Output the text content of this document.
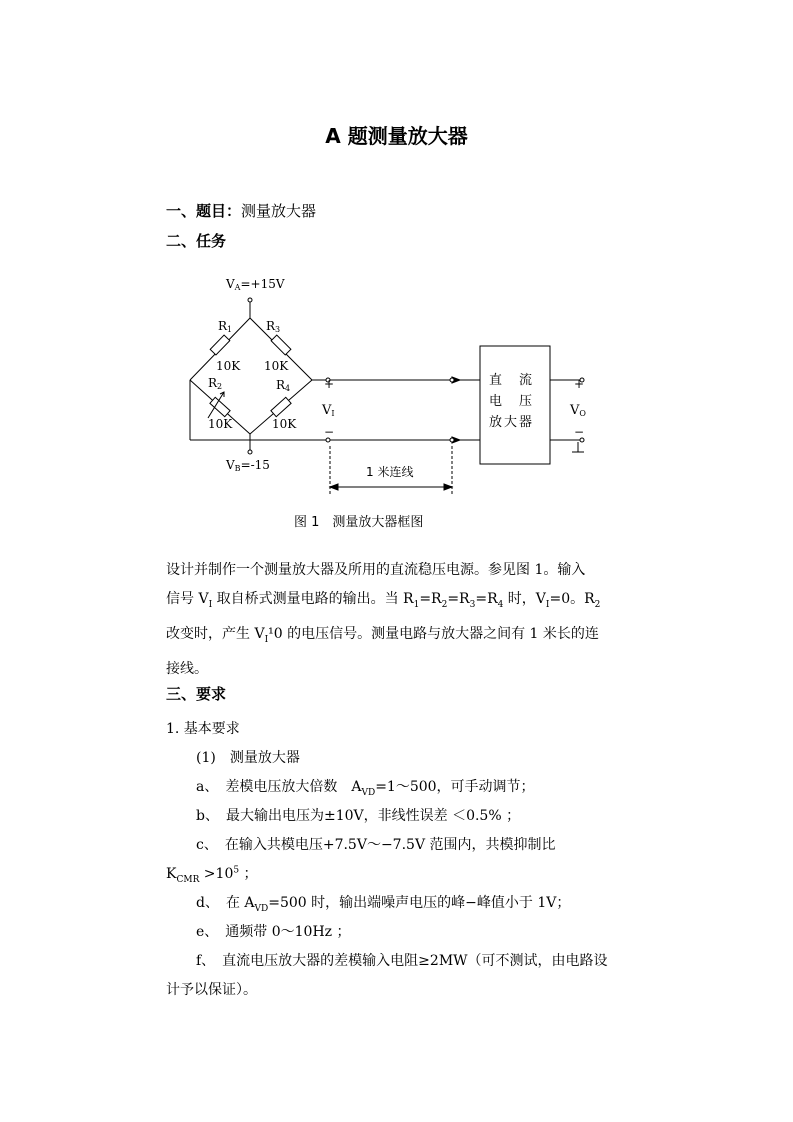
A 题测量放大器
一、题目：测量放大器
二、任务
VA=+15V
R1	R3
10K 10K
R2	R4
10K	10K
VB=-15
+
VI
−
直　流
电　压
放大器
+
VO
−
1 米连线
图 1　测量放大器框图
设计并制作一个测量放大器及所用的直流稳压电源。参见图 1。输入
信号 $V_I$ 取自桥式测量电路的输出。当 $R_1=R_2=R_3=R_4$ 时，$V_I=0$。$R_2$
改变时，产生 $V_I^10$ 的电压信号。测量电路与放大器之间有 1 米长的连
接线。
三、要求
1. 基本要求
(1)　测量放大器
a、　差模电压放大倍数　$A_{VD}=1\sim 500$，可手动调节；
b、　最大输出电压为±10V，非线性误差 ＜0.5% ；
c、　在输入共模电压+7.5V～−7.5V 范围内，共模抑制比
$K_{CMR} >10^5$ ；
d、　在 $A_{VD}=500$ 时，输出端噪声电压的峰−峰值小于 1V；
e、　通频带 0～10Hz ；
f、　直流电压放大器的差模输入电阻≥2MW（可不测试，由电路设
计予以保证）。
